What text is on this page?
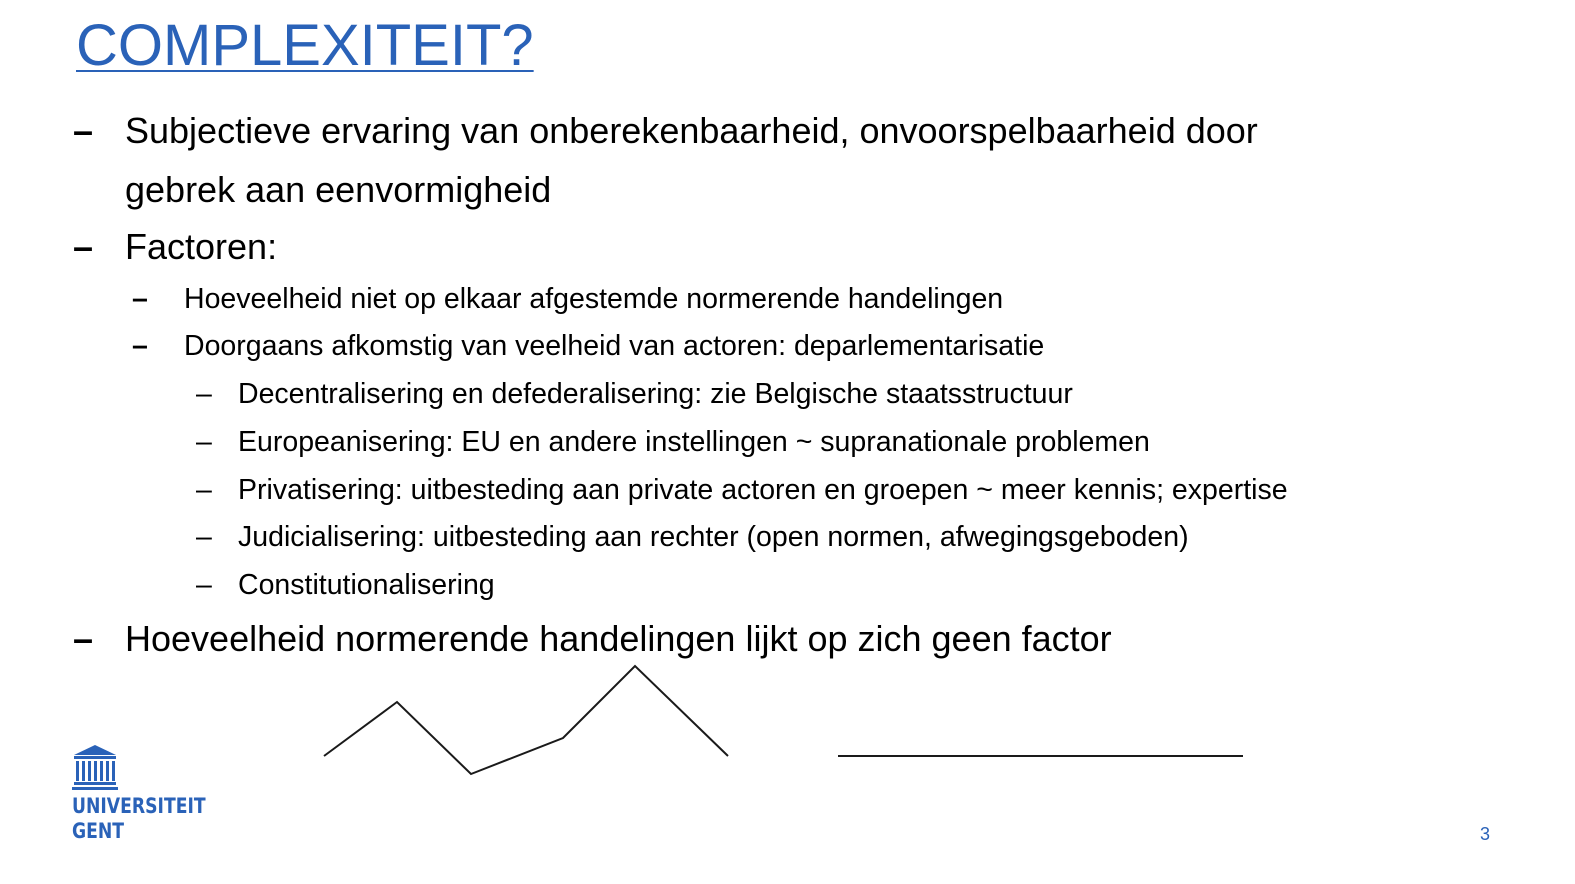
COMPLEXITEIT?
– Subjectieve ervaring van onberekenbaarheid, onvoorspelbaarheid door
gebrek aan eenvormigheid
– Factoren:
– Hoeveelheid niet op elkaar afgestemde normerende handelingen
– Doorgaans afkomstig van veelheid van actoren: deparlementarisatie
– Decentralisering en defederalisering: zie Belgische staatsstructuur
– Europeanisering: EU en andere instellingen ~ supranationale problemen
– Privatisering: uitbesteding aan private actoren en groepen ~ meer kennis; expertise
– Judicialisering: uitbesteding aan rechter (open normen, afwegingsgeboden)
– Constitutionalisering
– Hoeveelheid normerende handelingen lijkt op zich geen factor
UNIVERSITEIT
GENT	3
